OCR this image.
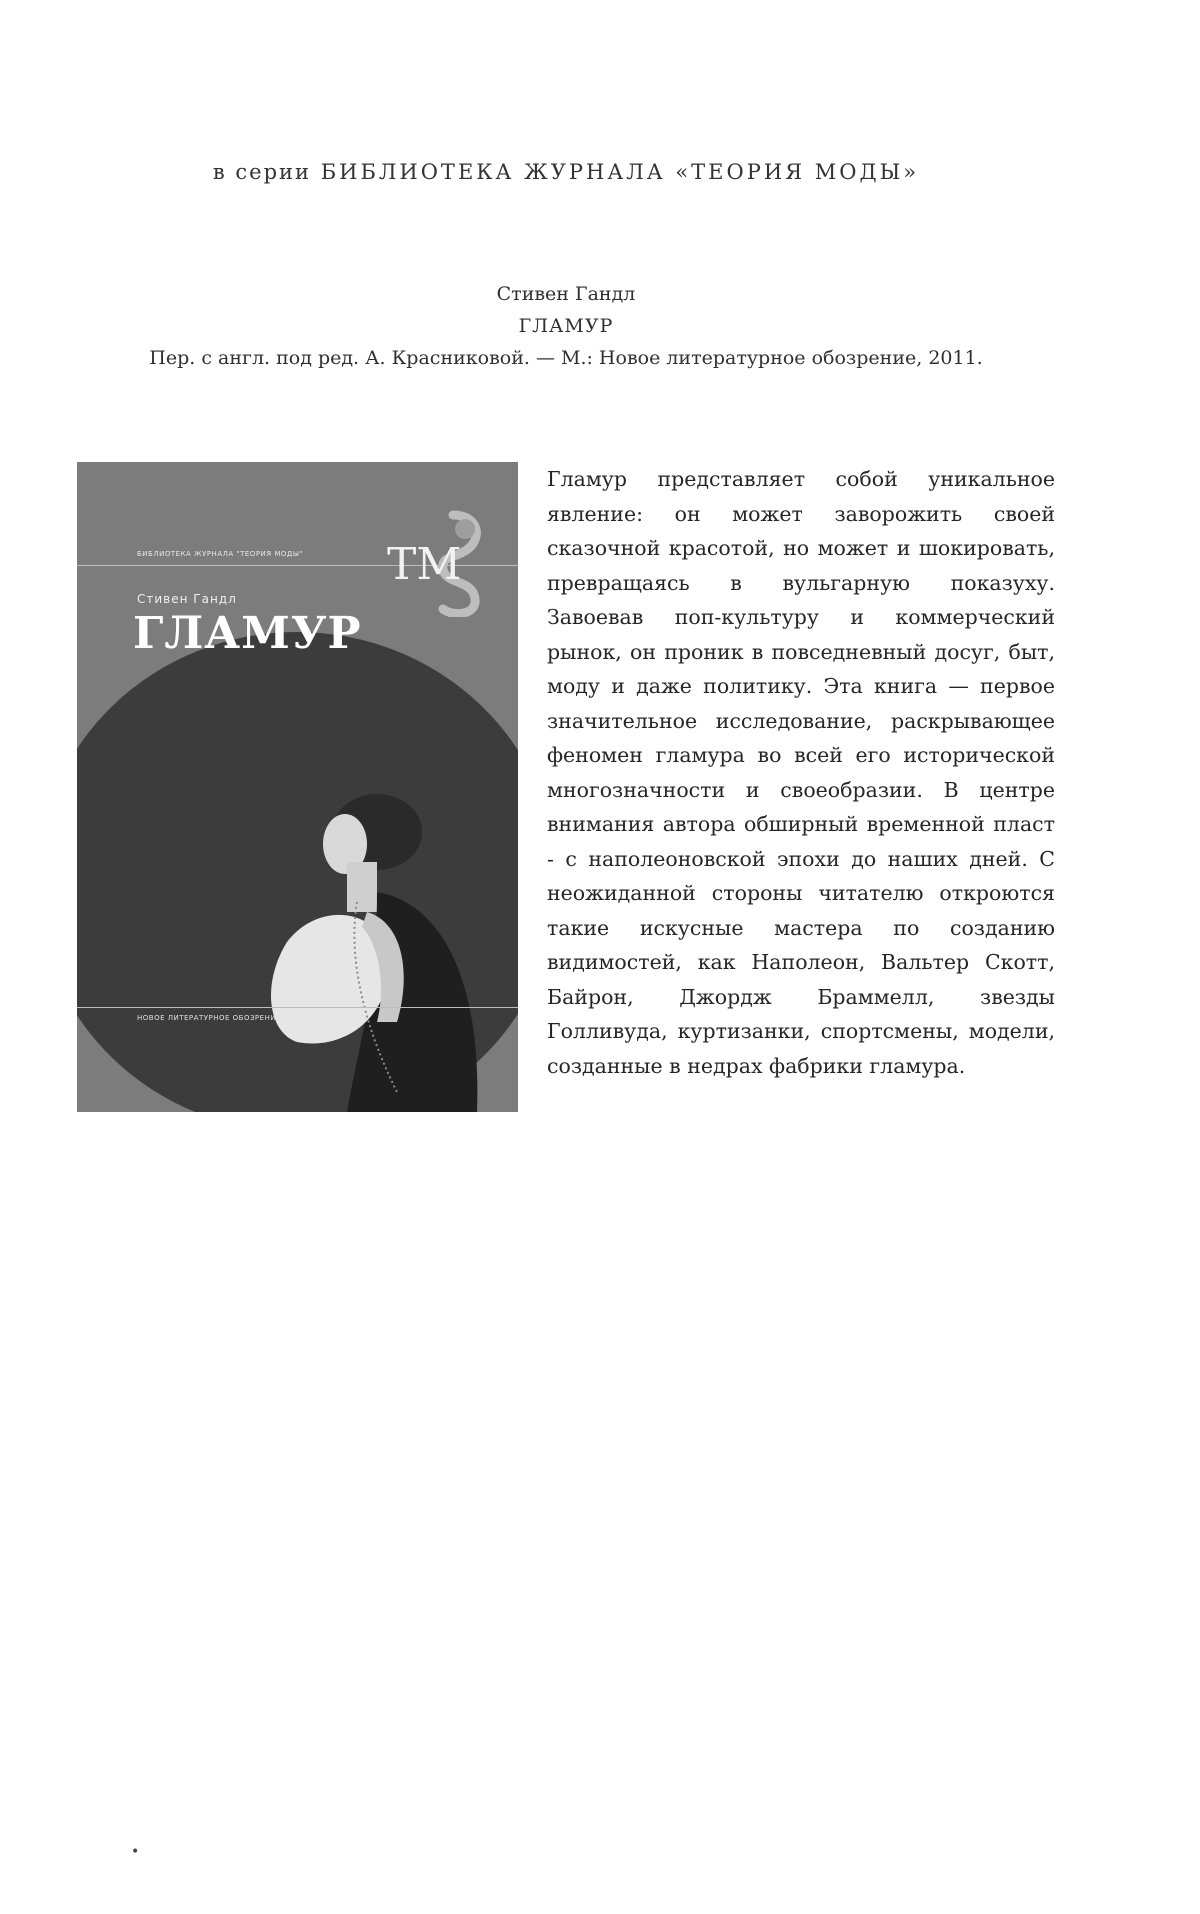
в серии БИБЛИОТЕКА ЖУРНАЛА «ТЕОРИЯ МОДЫ»
Стивен Гандл
ГЛАМУР
Пер. с англ. под ред. А. Красниковой. — М.: Новое литературное обозрение, 2011.
БИБЛИОТЕКА ЖУРНАЛА "ТЕОРИЯ МОДЫ" TM
Стивен Гандл
ГЛАМУР
НОВОЕ ЛИТЕРАТУРНОЕ ОБОЗРЕНИЕ
Гламур представляет собой уникальное явление: он может заворожить своей сказочной красотой, но может и шокировать, превращаясь в вульгарную показуху. Завоевав поп-культуру и коммерческий рынок, он проник в повседневный досуг, быт, моду и даже политику. Эта книга — первое значительное исследование, раскрывающее феномен гламура во всей его исторической многозначности и своеобразии. В центре внимания автора обширный временной пласт - с наполеоновской эпохи до наших дней. С неожиданной стороны читателю откроются такие искусные мастера по созданию видимостей, как Наполеон, Вальтер Скотт, Байрон, Джордж Браммелл, звезды Голливуда, куртизанки, спортсмены, модели, созданные в недрах фабрики гламура.
•
